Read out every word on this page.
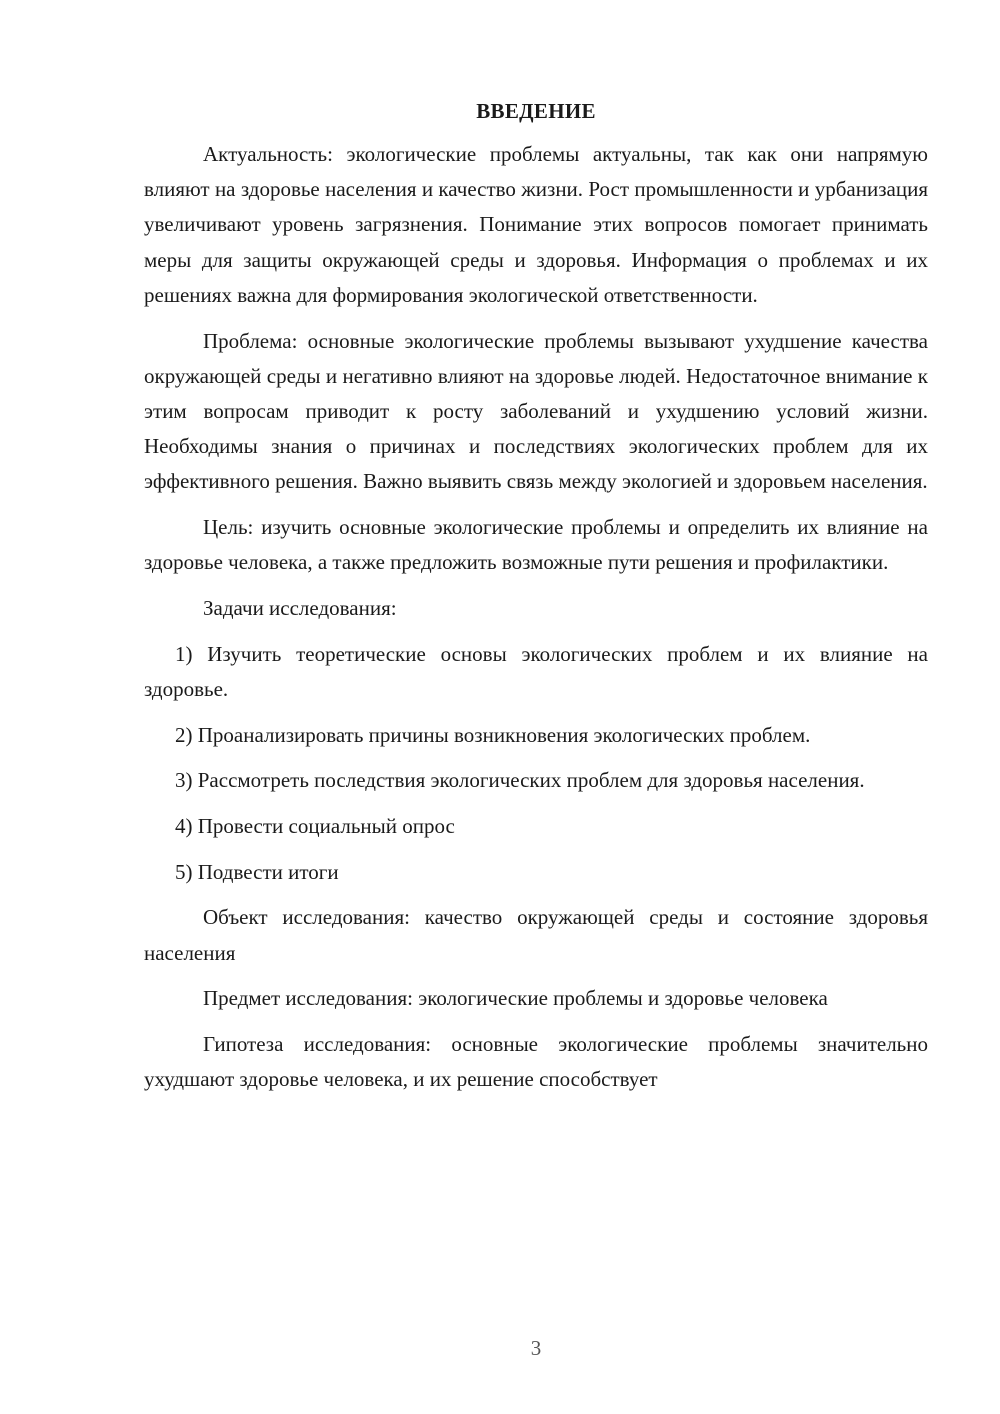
ВВЕДЕНИЕ

Актуальность: экологические проблемы актуальны, так как они напрямую влияют на здоровье населения и качество жизни. Рост промышленности и урбанизация увеличивают уровень загрязнения. Понимание этих вопросов помогает принимать меры для защиты окружающей среды и здоровья. Информация о проблемах и их решениях важна для формирования экологической ответственности.

Проблема: основные экологические проблемы вызывают ухудшение качества окружающей среды и негативно влияют на здоровье людей. Недостаточное внимание к этим вопросам приводит к росту заболеваний и ухудшению условий жизни. Необходимы знания о причинах и последствиях экологических проблем для их эффективного решения. Важно выявить связь между экологией и здоровьем населения.

Цель: изучить основные экологические проблемы и определить их влияние на здоровье человека, а также предложить возможные пути решения и профилактики.

Задачи исследования:

1) Изучить теоретические основы экологических проблем и их влияние на здоровье.

2) Проанализировать причины возникновения экологических проблем.

3) Рассмотреть последствия экологических проблем для здоровья населения.

4) Провести социальный опрос

5) Подвести итоги

Объект исследования: качество окружающей среды и состояние здоровья населения

Предмет исследования: экологические проблемы и здоровье человека

Гипотеза исследования: основные экологические проблемы значительно ухудшают здоровье человека, и их решение способствует

3
